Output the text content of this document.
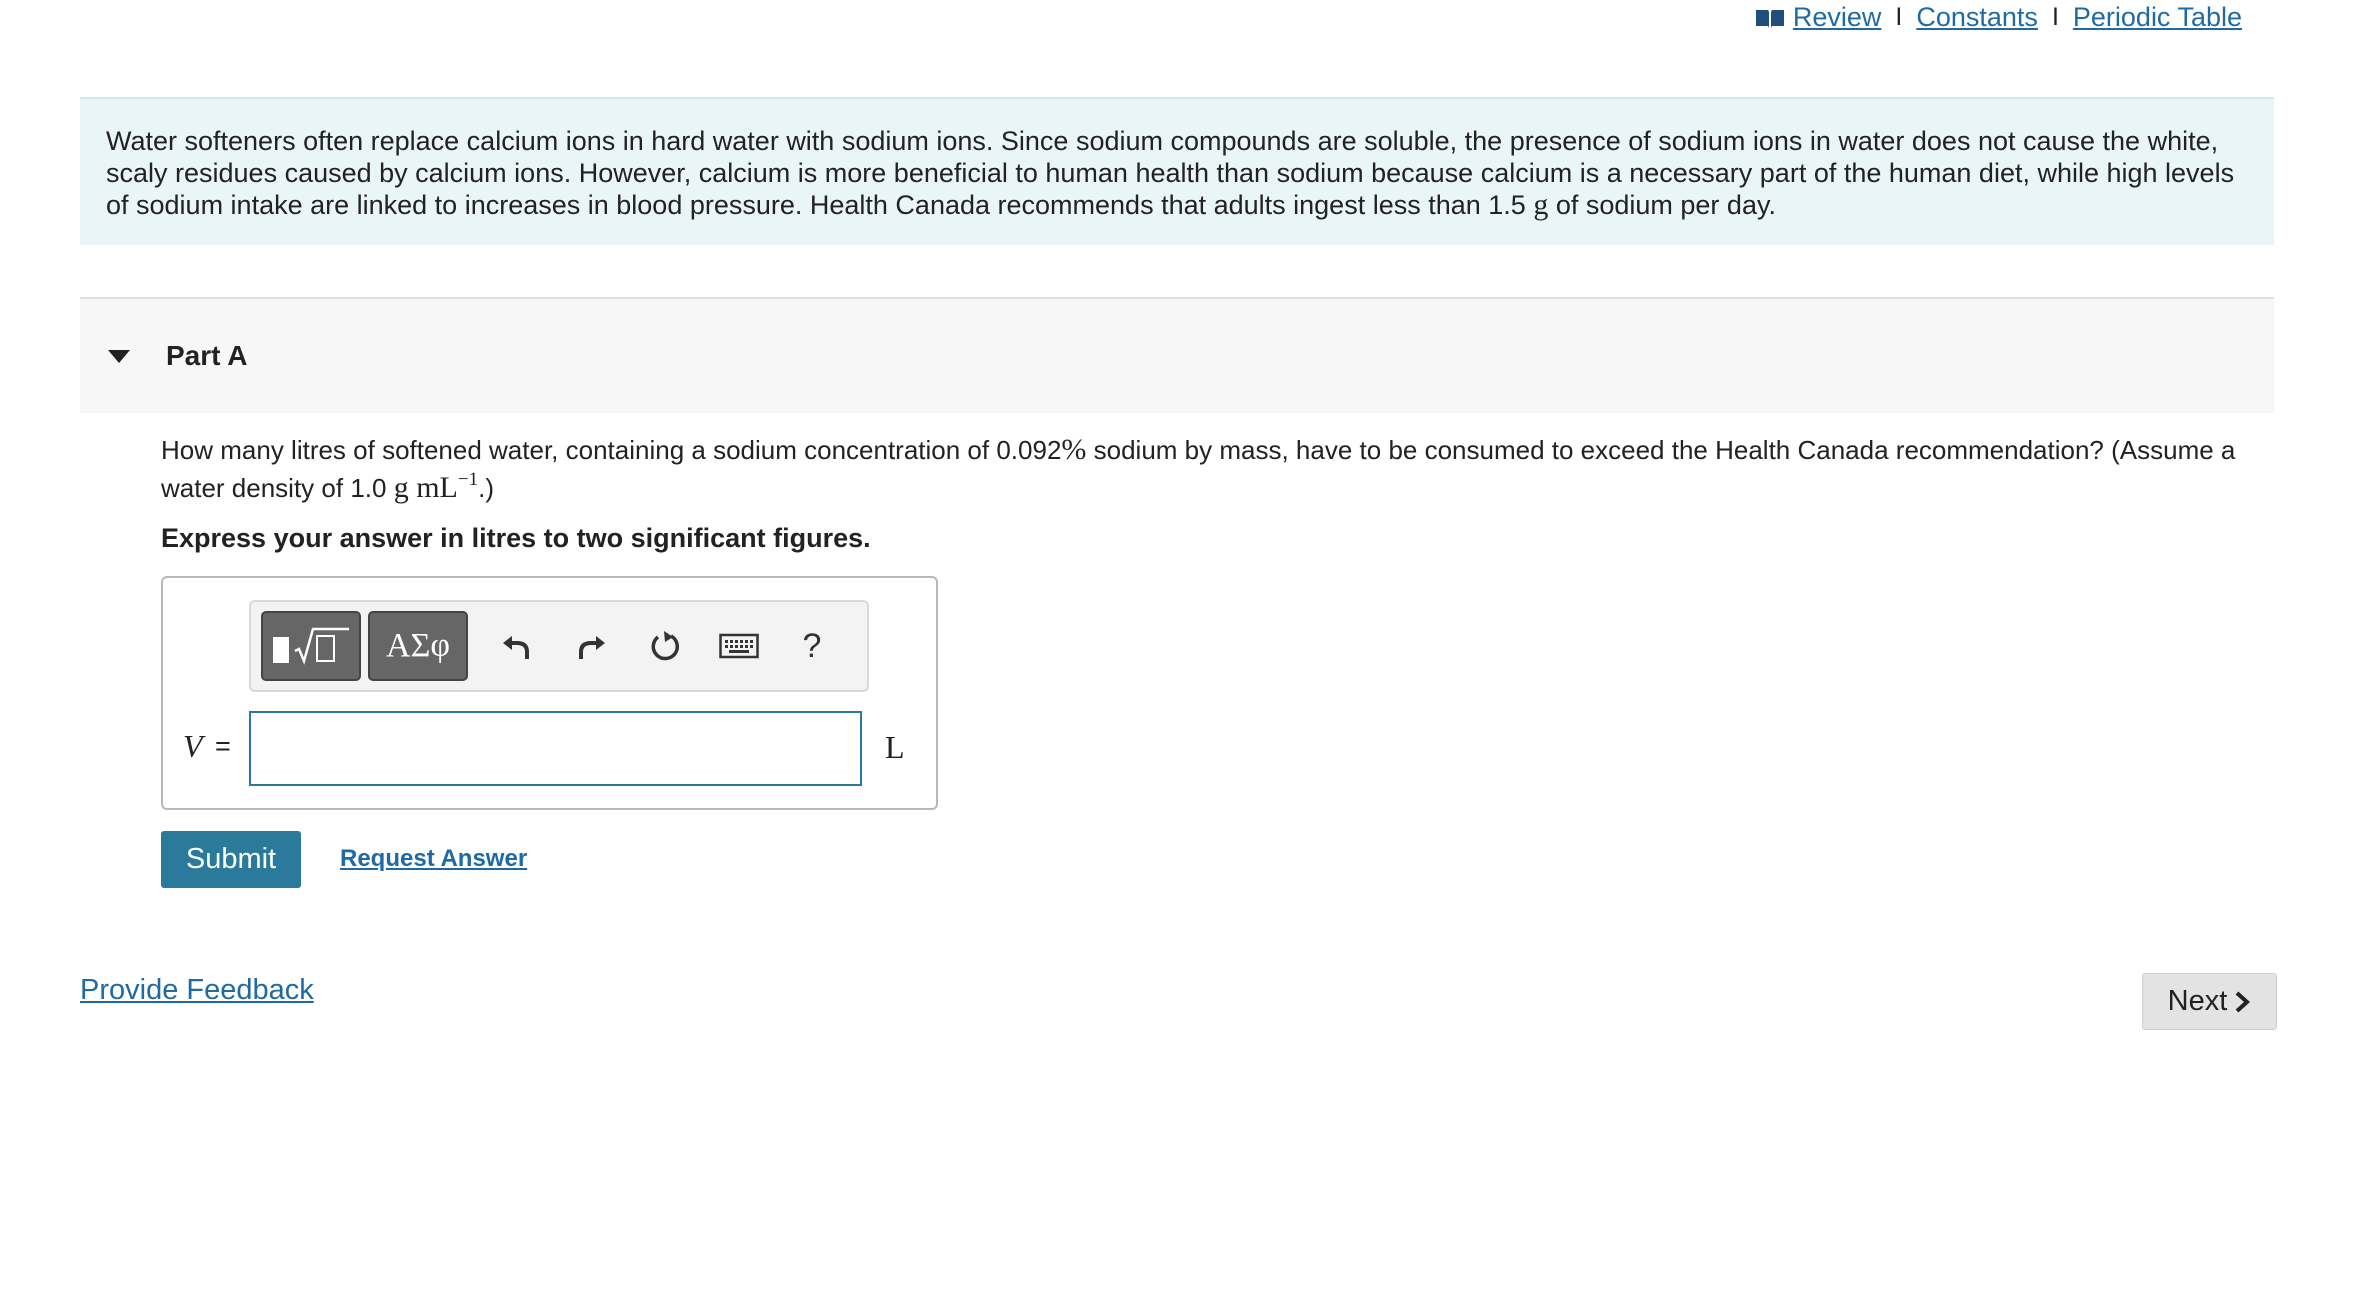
Review I Constants I Periodic Table
Water softeners often replace calcium ions in hard water with sodium ions. Since sodium compounds are soluble, the presence of sodium ions in water does not cause the white, scaly residues caused by calcium ions. However, calcium is more beneficial to human health than sodium because calcium is a necessary part of the human diet, while high levels of sodium intake are linked to increases in blood pressure. Health Canada recommends that adults ingest less than 1.5 g of sodium per day.
Part A
How many litres of softened water, containing a sodium concentration of 0.092% sodium by mass, have to be consumed to exceed the Health Canada recommendation? (Assume a water density of 1.0 g $mL^{-1}$.)
Express your answer in litres to two significant figures.
ΑΣφ	?
V =	L
Submit	Request Answer
Provide Feedback	Next
